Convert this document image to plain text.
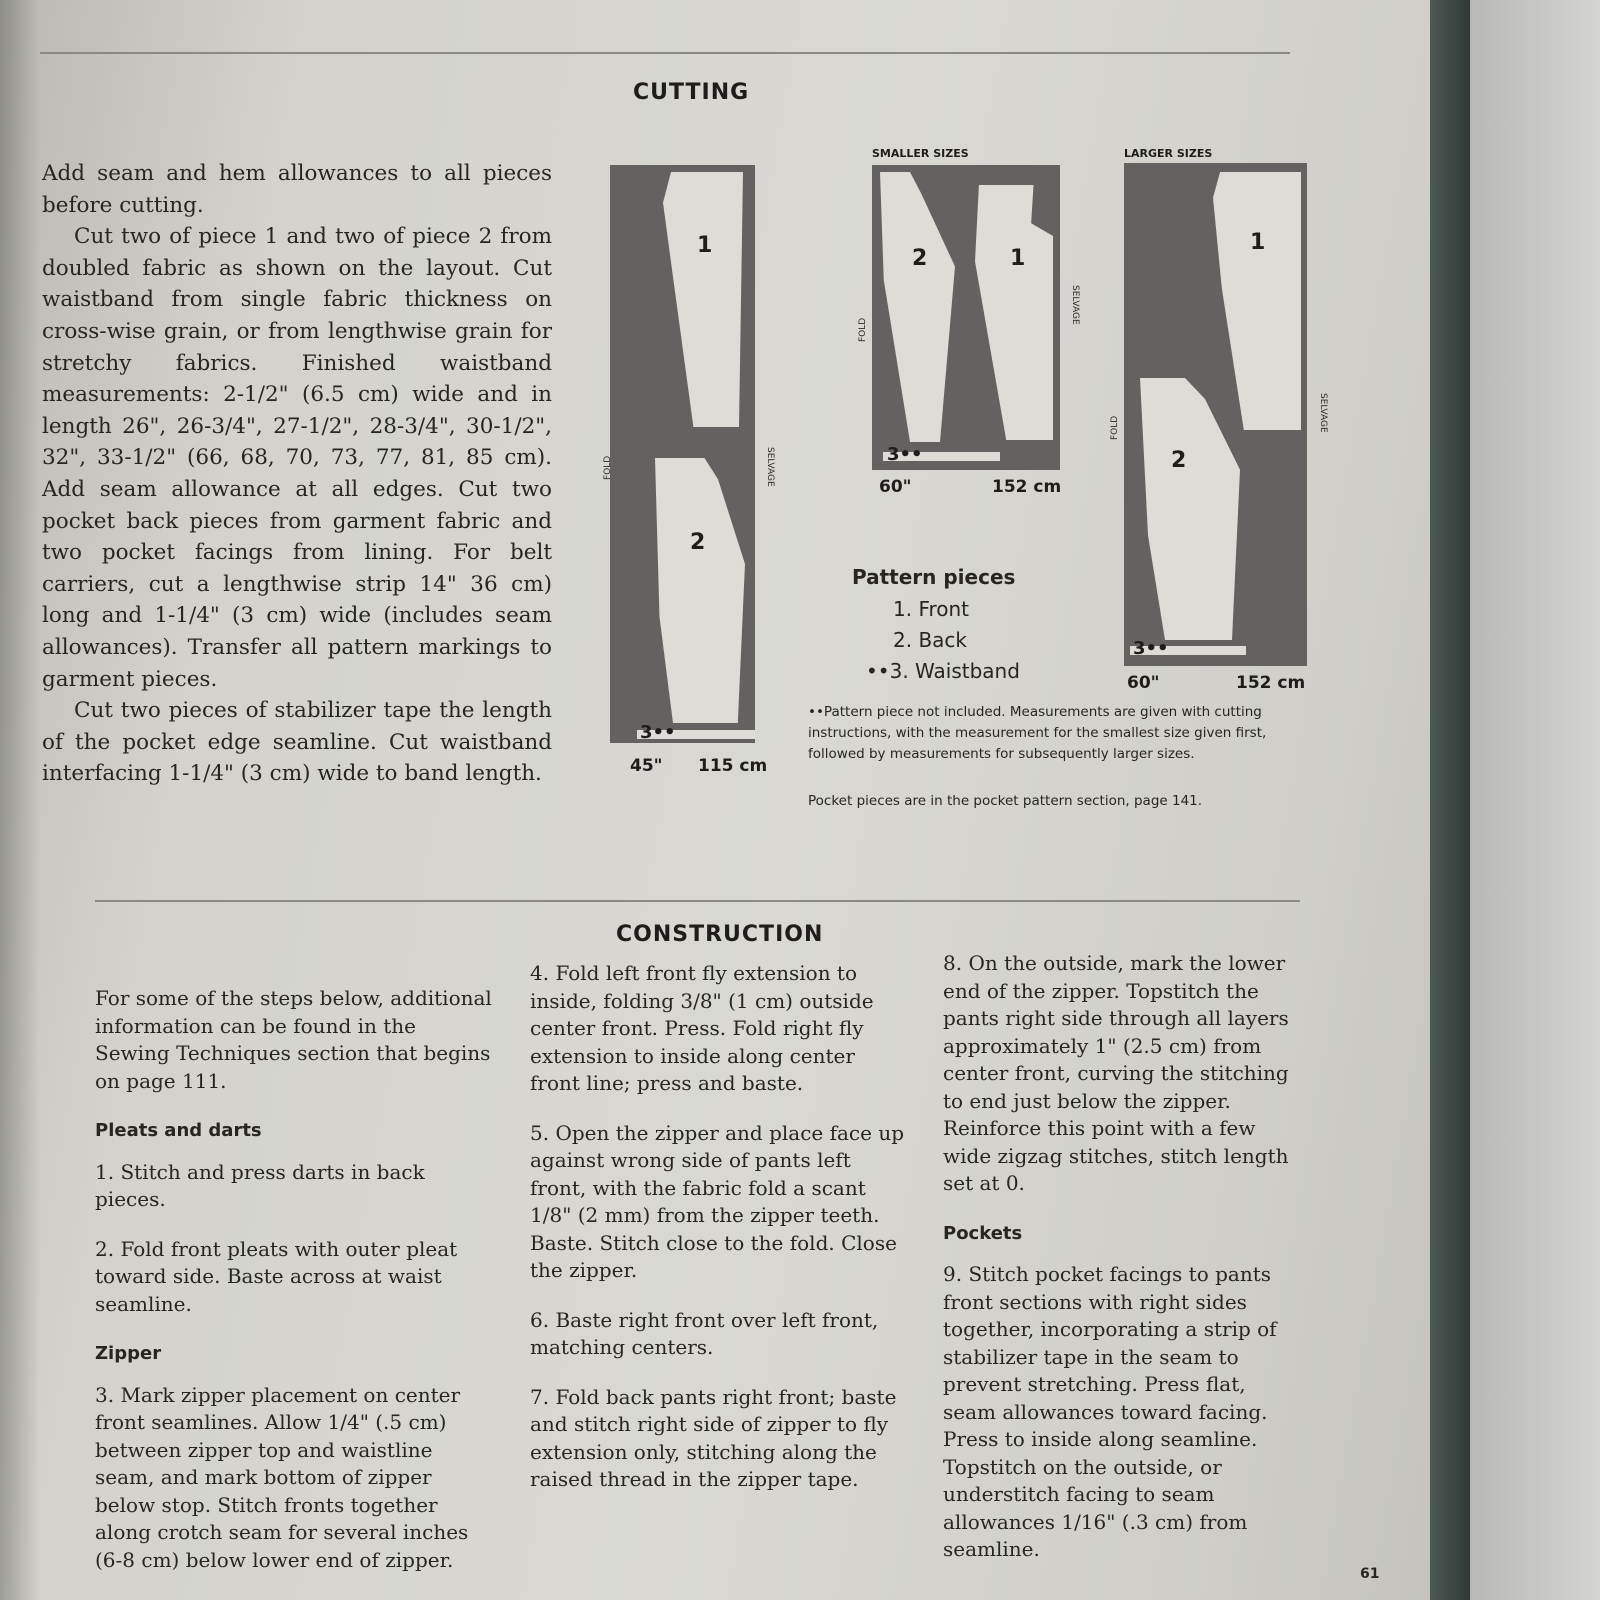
CUTTING

Add seam and hem allowances to all pieces before cutting.

Cut two of piece 1 and two of piece 2 from doubled fabric as shown on the layout. Cut waistband from single fabric thickness on cross-wise grain, or from lengthwise grain for stretchy fabrics. Finished waistband measurements: 2-1/2" (6.5 cm) wide and in length 26", 26-3/4", 27-1/2", 28-3/4", 30-1/2", 32", 33-1/2" (66, 68, 70, 73, 77, 81, 85 cm). Add seam allowance at all edges. Cut two pocket back pieces from garment fabric and two pocket facings from lining. For belt carriers, cut a lengthwise strip 14" 36 cm) long and 1-1/4" (3 cm) wide (includes seam allowances). Transfer all pattern markings to garment pieces.

Cut two pieces of stabilizer tape the length of the pocket edge seamline. Cut waistband interfacing 1-1/4" (3 cm) wide to band length.

1
2
3••
FOLD	SELVAGE
45" 115 cm
SMALLER SIZES
2	1
3••
FOLD
SELVAGE
60"	152 cm
LARGER SIZES
1
2
3••
FOLD	SELVAGE
60"	152 cm
Pattern pieces
1. Front
2. Back
••3. Waistband
••Pattern piece not included. Measurements are given with cutting instructions, with the measurement for the smallest size given first, followed by measurements for subsequently larger sizes.
Pocket pieces are in the pocket pattern section, page 141.
CONSTRUCTION

For some of the steps below, additional information can be found in the Sewing Techniques section that begins on page 111.

Pleats and darts

1. Stitch and press darts in back pieces.

2. Fold front pleats with outer pleat toward side. Baste across at waist seamline.

Zipper

3. Mark zipper placement on center front seamlines. Allow 1/4" (.5 cm) between zipper top and waistline seam, and mark bottom of zipper below stop. Stitch fronts together along crotch seam for several inches (6-8 cm) below lower end of zipper.

4. Fold left front fly extension to inside, folding 3/8" (1 cm) outside center front. Press. Fold right fly extension to inside along center front line; press and baste.

5. Open the zipper and place face up against wrong side of pants left front, with the fabric fold a scant 1/8" (2 mm) from the zipper teeth. Baste. Stitch close to the fold. Close the zipper.

6. Baste right front over left front, matching centers.

7. Fold back pants right front; baste and stitch right side of zipper to fly extension only, stitching along the raised thread in the zipper tape.

8. On the outside, mark the lower end of the zipper. Topstitch the pants right side through all layers approximately 1" (2.5 cm) from center front, curving the stitching to end just below the zipper. Reinforce this point with a few wide zigzag stitches, stitch length set at 0.

Pockets

9. Stitch pocket facings to pants front sections with right sides together, incorporating a strip of stabilizer tape in the seam to prevent stretching. Press flat, seam allowances toward facing. Press to inside along seamline. Topstitch on the outside, or understitch facing to seam allowances 1/16" (.3 cm) from seamline.

61
